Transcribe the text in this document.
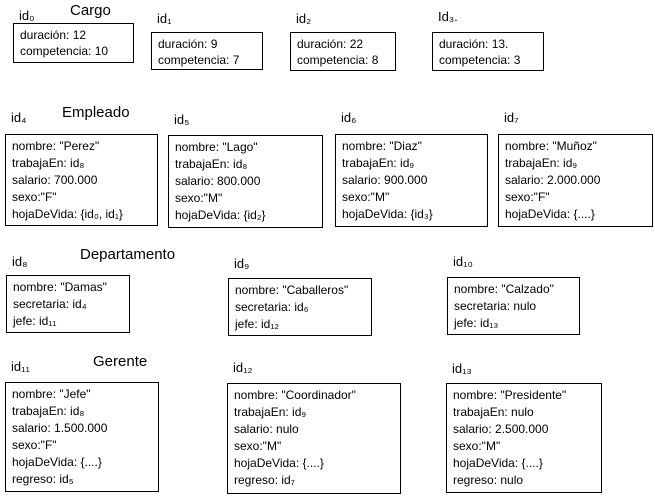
Cargo
Empleado
Departamento
Gerente
id₀
duración: 12
competencia: 10
id₁
duración: 9
competencia: 7
id₂
duración: 22
competencia: 8
Id₃.
duración: 13.
competencia: 3
id₄
nombre: "Perez"
trabajaEn: id₈
salario: 700.000
sexo:"F"
hojaDeVida: {id₀, id₁}
id₅
nombre: "Lago"
trabajaEn: id₈
salario: 800.000
sexo:"M"
hojaDeVida: {id₂}
id₆
nombre: "Diaz"
trabajaEn: id₉
salario: 900.000
sexo:"M"
hojaDeVida: {id₃}
id₇
nombre: "Muñoz"
trabajaEn: id₉
salario: 2.000.000
sexo:"F"
hojaDeVida: {....}
id₈
nombre: "Damas"
secretaria: id₄
jefe: id₁₁
id₉
nombre: "Caballeros"
secretaria: id₆
jefe: id₁₂
id₁₀
nombre: "Calzado"
secretaria: nulo
jefe: id₁₃
id₁₁
nombre: "Jefe"
trabajaEn: id₈
salario: 1.500.000
sexo:"F"
hojaDeVida: {....}
regreso: id₅
id₁₂
nombre: "Coordinador"
trabajaEn: id₉
salario: nulo
sexo:"M"
hojaDeVida: {....}
regreso: id₇
id₁₃
nombre: "Presidente"
trabajaEn: nulo
salario: 2.500.000
sexo:"M"
hojaDeVida: {....}
regreso: nulo
